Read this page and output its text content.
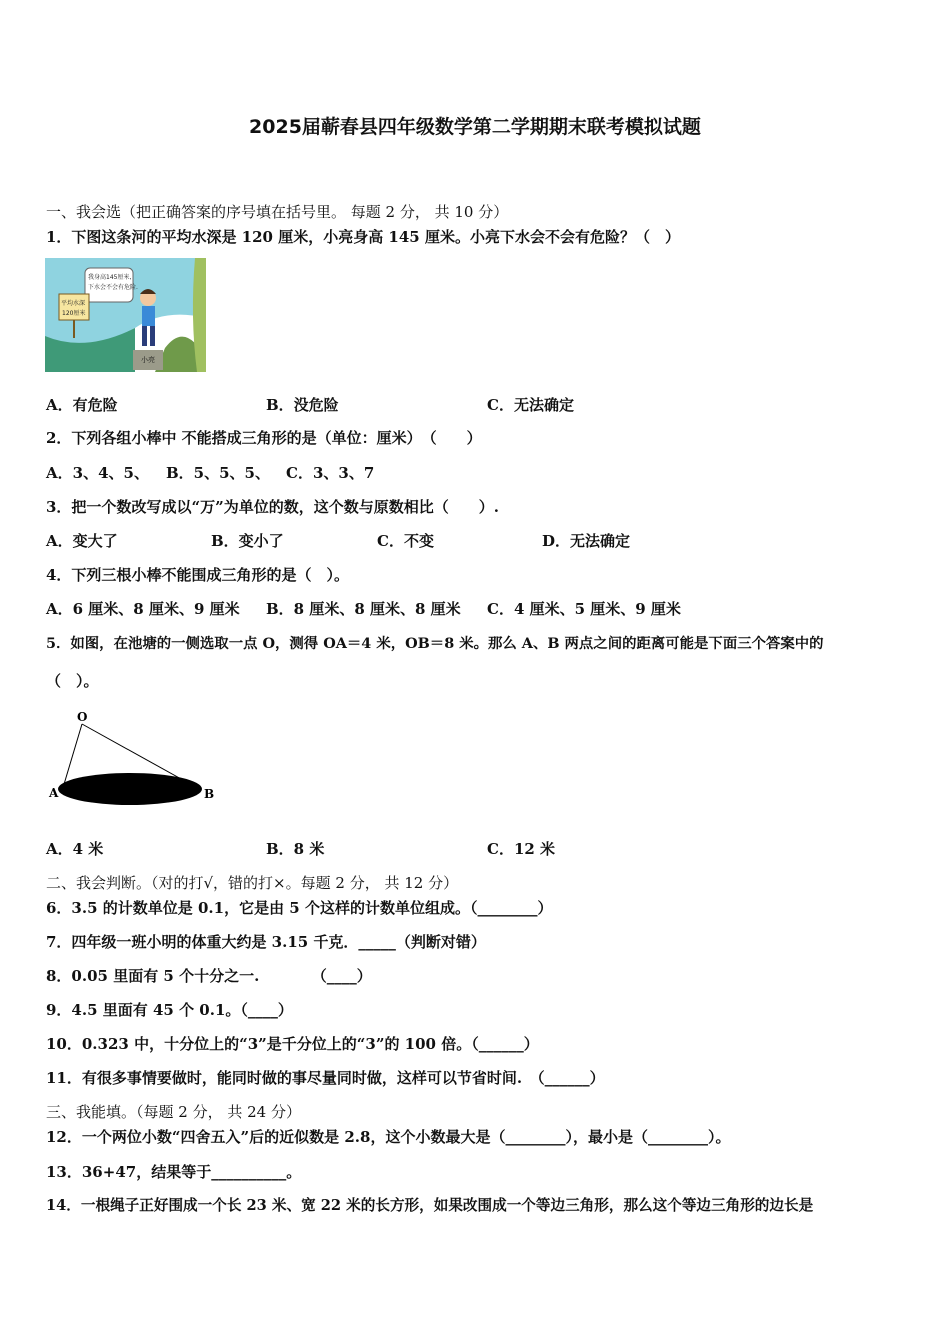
2025届蕲春县四年级数学第二学期期末联考模拟试题
一、我会选（把正确答案的序号填在括号里。 每题 2 分， 共 10 分）
1．下图这条河的平均水深是 120 厘米，小亮身高 145 厘米。小亮下水会不会有危险？（　）
我身高145厘米,
下水会不会有危险.
平均水深
120厘米
小亮
A．有危险	B．没危险	C．无法确定
2．下列各组小棒中 不能搭成三角形的是（单位：厘米）　（　　）
A．3、4、5、 B．5、5、5、 C．3、3、7
3．把一个数改写成以“万”为单位的数，这个数与原数相比（　　）.
A．变大了	B．变小了	C．不变	D．无法确定
4．下列三根小棒不能围成三角形的是（　）。
A．6 厘米、8 厘米、9 厘米 B．8 厘米、8 厘米、8 厘米 C．4 厘米、5 厘米、9 厘米
5．如图，在池塘的一侧选取一点 O，测得 OA＝4 米，OB＝8 米。那么 A、B 两点之间的距离可能是下面三个答案中的
（　）。
O
A	B
A．4 米	B．8 米	C．12 米
二、我会判断。（对的打√，错的打×。每题 2 分， 共 12 分）
6．3.5 的计数单位是 0.1，它是由 5 个这样的计数单位组成。（________）
7．四年级一班小明的体重大约是 3.15 千克．_____（判断对错）
8．0.05 里面有 5 个十分之一.　　　　（____）
9．4.5 里面有 45 个 0.1。（____）
10．0.323 中，十分位上的“3”是千分位上的“3”的 100 倍。（______）
11．有很多事情要做时，能同时做的事尽量同时做，这样可以节省时间.　（______）
三、我能填。（每题 2 分， 共 24 分）
12．一个两位小数“四舍五入”后的近似数是 2.8，这个小数最大是（________），最小是（________）。
13．36+47，结果等于__________。
14．一根绳子正好围成一个长 23 米、宽 22 米的长方形，如果改围成一个等边三角形，那么这个等边三角形的边长是
